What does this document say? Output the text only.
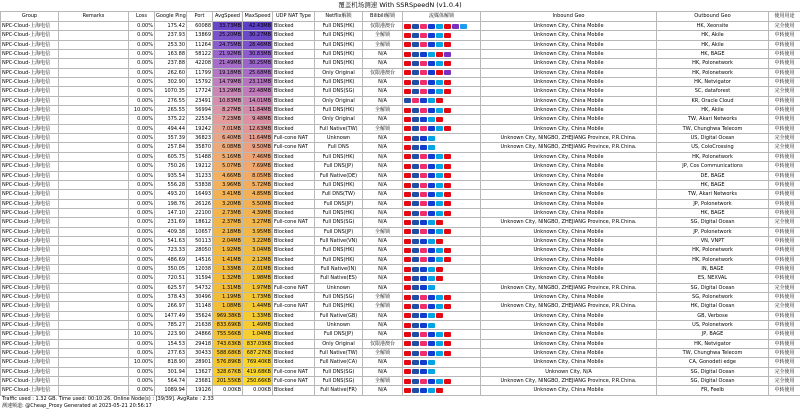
覆盖机场测速 With SSRSpeedN (v1.0.4)
Group	Remarks	Loss	Google Ping	Port	AvgSpeed	MaxSpeed	UDP NAT Type	Netflix解锁	Bilibili解锁	流媒体解锁	Inbound Geo	Outbound Geo	使用用途
NPC-Cloud-上海电信		0.00%	175.42	60088	33.73MB	42.43MB	Blocked	Full DNS(HK)	仅限港澳台		Unknown City, China Mobile	HK, Xeonsite	完全使用
NPC-Cloud-上海电信		0.00%	237.93	13869	25.20MB	30.27MB	Blocked	Full DNS(HK)	全解锁		Unknown City, China Mobile	HK, Akile	中转使用
NPC-Cloud-上海电信		0.00%	253.30	11264	24.75MB	28.46MB	Blocked	Full DNS(HK)	全解锁		Unknown City, China Mobile	HK, Akile	中转使用
NPC-Cloud-上海电信		0.00%	163.88	58122	21.92MB	30.83MB	Blocked	Full DNS(HK)	N/A		Unknown City, China Mobile	HK, BAGE	中转使用
NPC-Cloud-上海电信		0.00%	237.88	42208	21.49MB	30.25MB	Blocked	Full DNS(HK)	N/A		Unknown City, China Mobile	HK, Polonetwork	中转使用
NPC-Cloud-上海电信		0.00%	262.60	11799	19.18MB	25.68MB	Blocked	Only Original	仅限港澳台		Unknown City, China Mobile	HK, Polonetwork	中转使用
NPC-Cloud-上海电信		0.00%	302.90	15792	14.79MB	23.11MB	Blocked	Full DNS(HK)	N/A		Unknown City, China Mobile	HK, Netvigator	中转使用
NPC-Cloud-上海电信		0.00%	1070.35	17724	13.29MB	22.48MB	Blocked	Full DNS(SG)	N/A		Unknown City, China Mobile	SC, dataforest	完全使用
NPC-Cloud-上海电信		0.00%	276.55	23491	10.83MB	14.01MB	Blocked	Only Original	N/A		Unknown City, China Mobile	KR, Oracle Cloud	中转使用
NPC-Cloud-上海电信		10.00%	265.55	56994	8.27MB	11.84MB	Blocked	Full DNS(HK)	全解锁		Unknown City, China Mobile	HK, Akile	中转使用
NPC-Cloud-上海电信		0.00%	375.22	22534	7.23MB	9.48MB	Blocked	Only Original	N/A		Unknown City, China Mobile	TW, Akari Networks	中转使用
NPC-Cloud-上海电信		0.00%	494.44	19242	7.01MB	12.63MB	Blocked	Full Native(TW)	全解锁		Unknown City, China Mobile	TW, Chunghwa Telecom	中转使用
NPC-Cloud-上海电信		0.00%	357.39	36823	6.40MB	11.64MB	Full-cone NAT	Unknown	N/A		Unknown City, NINGBO, ZHEJIANG Province, P.R.China.	US, Digital Ocean	完全使用
NPC-Cloud-上海电信		0.00%	257.84	35870	6.08MB	9.50MB	Full-cone NAT	Full DNS	N/A		Unknown City, NINGBO, ZHEJIANG Province, P.R.China.	US, ColoCrossing	完全使用
NPC-Cloud-上海电信		0.00%	605.75	51488	5.16MB	7.46MB	Blocked	Full DNS(HK)	N/A		Unknown City, China Mobile	HK, Polonetwork	中转使用
NPC-Cloud-上海电信		0.00%	750.26	19212	5.07MB	7.69MB	Blocked	Full DNS(JP)	N/A		Unknown City, China Mobile	JP, Cos Communications	中转使用
NPC-Cloud-上海电信		0.00%	935.54	31233	4.66MB	8.05MB	Blocked	Full Native(DE)	N/A		Unknown City, China Mobile	DE, BAGE	中转使用
NPC-Cloud-上海电信		0.00%	556.28	53838	3.96MB	5.72MB	Blocked	Full DNS(HK)	N/A		Unknown City, China Mobile	HK, BAGE	中转使用
NPC-Cloud-上海电信		0.00%	493.20	16493	3.41MB	4.85MB	Blocked	Full DNS(TW)	N/A		Unknown City, China Mobile	TW, Akari Networks	中转使用
NPC-Cloud-上海电信		0.00%	198.76	26126	3.20MB	5.50MB	Blocked	Full DNS(JP)	N/A		Unknown City, China Mobile	JP, Polonetwork	中转使用
NPC-Cloud-上海电信		0.00%	147.10	22100	2.73MB	4.39MB	Blocked	Full DNS(HK)	N/A		Unknown City, China Mobile	HK, BAGE	中转使用
NPC-Cloud-上海电信		0.00%	231.69	18612	2.37MB	3.27MB	Full-cone NAT	Full DNS(SG)	N/A		Unknown City, NINGBO, ZHEJIANG Province, P.R.China.	SG, Digital Ocean	完全使用
NPC-Cloud-上海电信		0.00%	409.38	10657	2.18MB	3.95MB	Blocked	Full DNS(JP)	全解锁		Unknown City, China Mobile	JP, Polonetwork	中转使用
NPC-Cloud-上海电信		0.00%	541.63	50113	2.04MB	3.22MB	Blocked	Full Native(VN)	N/A		Unknown City, China Mobile	VN, VNPT	中转使用
NPC-Cloud-上海电信		0.00%	723.33	28050	1.92MB	3.04MB	Blocked	Full DNS(HK)	N/A		Unknown City, China Mobile	HK, Polonetwork	中转使用
NPC-Cloud-上海电信		0.00%	486.69	14516	1.41MB	2.12MB	Blocked	Full DNS(HK)	N/A		Unknown City, China Mobile	HK, Polonetwork	中转使用
NPC-Cloud-上海电信		0.00%	350.05	12038	1.33MB	2.01MB	Blocked	Full Native(IN)	N/A		Unknown City, China Mobile	IN, BAGE	中转使用
NPC-Cloud-上海电信		0.00%	720.51	31594	1.32MB	1.98MB	Blocked	Full Native(ES)	N/A		Unknown City, China Mobile	ES, NEXVAL	中转使用
NPC-Cloud-上海电信		0.00%	625.57	54732	1.31MB	1.97MB	Full-cone NAT	Unknown	N/A		Unknown City, NINGBO, ZHEJIANG Province, P.R.China.	SG, Digital Ocean	完全使用
NPC-Cloud-上海电信		0.00%	378.43	30496	1.19MB	1.73MB	Blocked	Full DNS(SG)	全解锁		Unknown City, China Mobile	SG, Polonetwork	中转使用
NPC-Cloud-上海电信		0.00%	266.97	31148	1.08MB	1.44MB	Full-cone NAT	Full DNS(HK)	全解锁		Unknown City, NINGBO, ZHEJIANG Province, P.R.China.	HK, Digital Ocean	完全使用
NPC-Cloud-上海电信		0.00%	1477.49	35624	969.38KB	1.33MB	Blocked	Full Native(GB)	N/A		Unknown City, China Mobile	GB, Verbose	中转使用
NPC-Cloud-上海电信		0.00%	785.27	21638	833.69KB	1.49MB	Blocked	Unknown	N/A		Unknown City, China Mobile	US, Polonetwork	中转使用
NPC-Cloud-上海电信		10.00%	223.90	24866	755.56KB	1.04MB	Blocked	Full DNS(JP)	N/A		Unknown City, China Mobile	JP, BAGE	中转使用
NPC-Cloud-上海电信		0.00%	154.53	29418	743.63KB	837.03KB	Blocked	Only Original	仅限港澳台		Unknown City, China Mobile	HK, Netvigator	中转使用
NPC-Cloud-上海电信		0.00%	277.63	30433	588.68KB	687.27KB	Blocked	Full Native(TW)	全解锁		Unknown City, China Mobile	TW, Chunghwa Telecom	中转使用
NPC-Cloud-上海电信		10.00%	818.90	28901	576.89KB	769.40KB	Blocked	Full Native(CA)	N/A		Unknown City, China Mobile	CA, Gonodeti edge	中转使用
NPC-Cloud-上海电信		0.00%	301.94	13627	328.67KB	419.68KB	Full-cone NAT	Full DNS(SG)	N/A		Unknown City, N/A	SG, Digital Ocean	完全使用
NPC-Cloud-上海电信		0.00%	564.74	23681	201.55KB	250.66KB	Full-cone NAT	Full DNS(SG)	全解锁		Unknown City, NINGBO, ZHEJIANG Province, P.R.China.	SG, Digital Ocean	完全使用
NPC-Cloud-上海电信		0.00%	1089.94	19126	0.00KB	0.00KB	Blocked	Full Native(FR)	N/A		Unknown City, China Mobile	FR, Feelb	中转使用
Traffic used : 1.32 GB. Time used: 00:10:26. Online Node(s) : [39/39]. AvgRate : 2.33
测速频道: @Cheap_Proxy Generated at 2023-05-21 20:56:17
